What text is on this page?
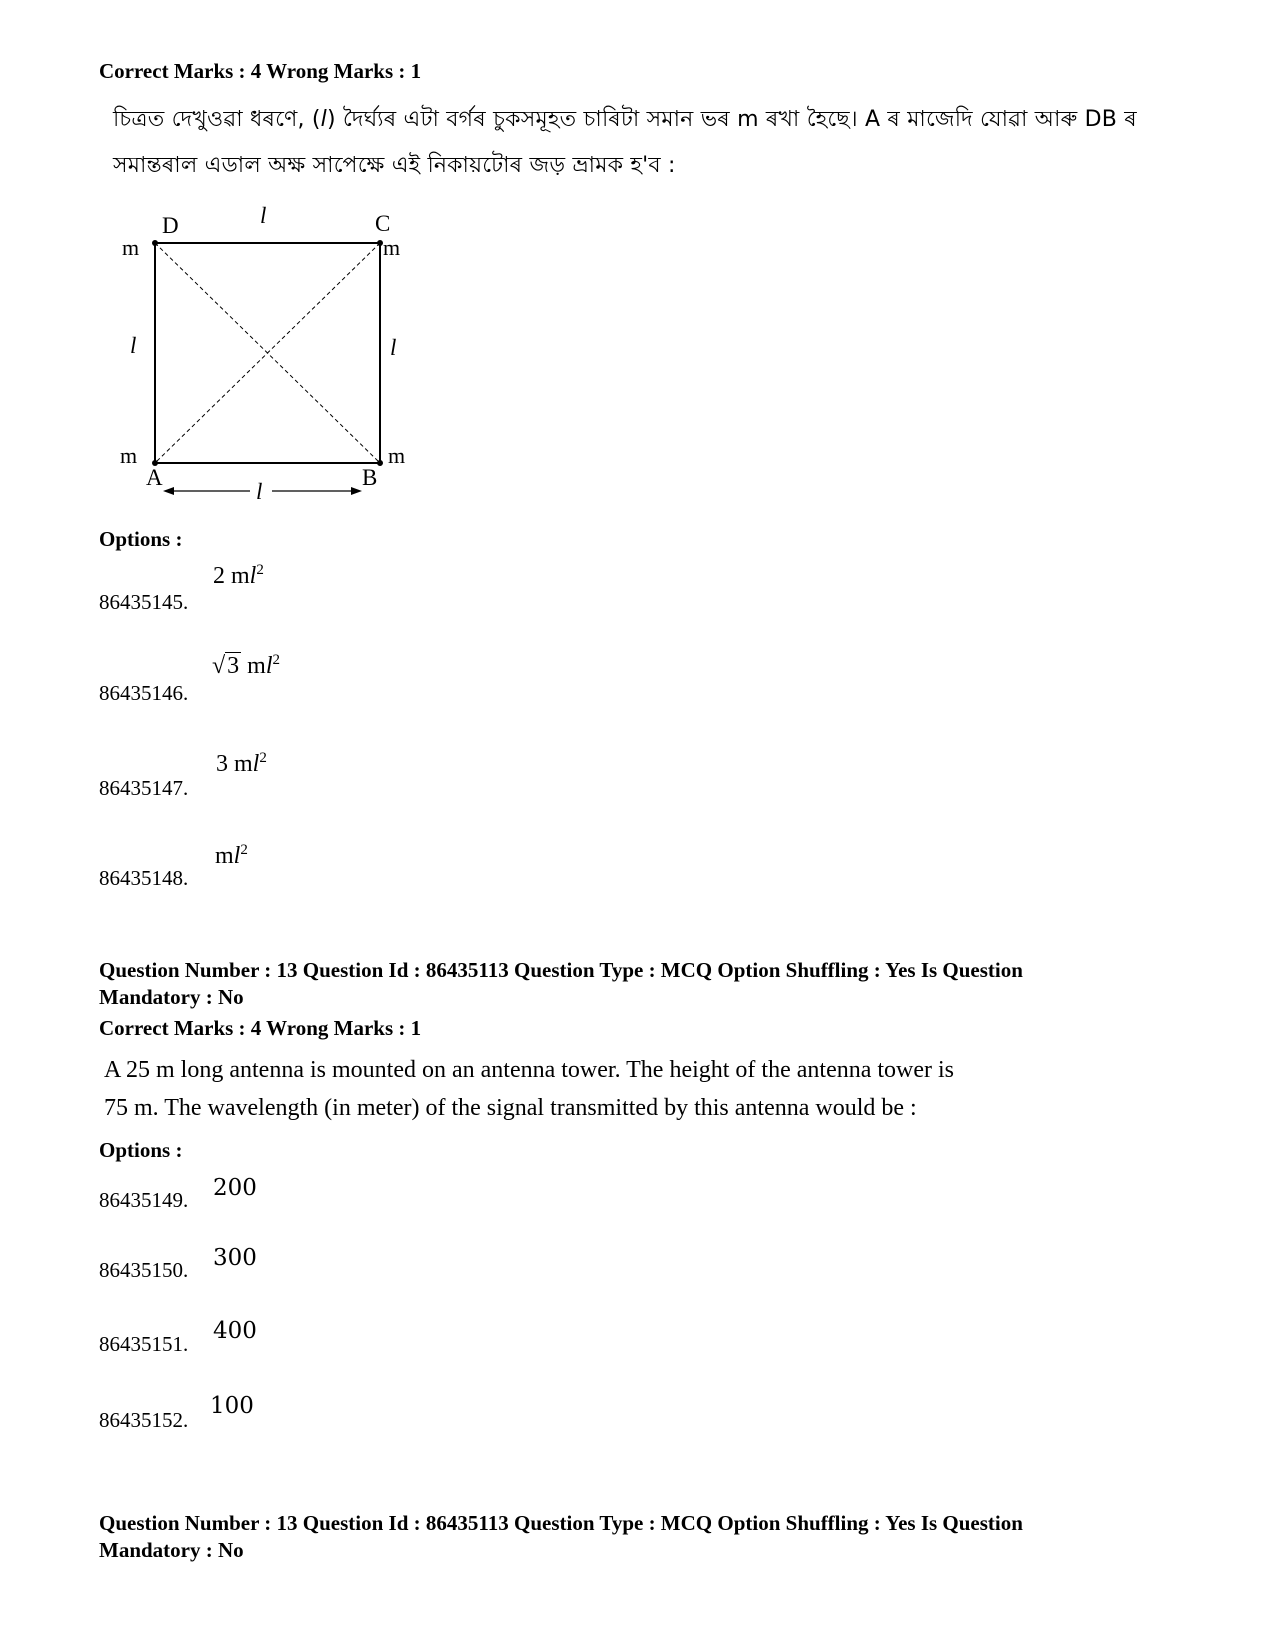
Correct Marks : 4 Wrong Marks : 1
চিত্ৰত দেখুওৱা ধৰণে, (l) দৈৰ্ঘ্যৰ এটা বৰ্গৰ চুকসমূহত চাৰিটা সমান ভৰ m ৰখা হৈছে। A ৰ মাজেদি যোৱা আৰু DB ৰ
সমান্তৰাল এডাল অক্ষ সাপেক্ষে এই নিকায়টোৰ জড় ভ্ৰামক হ'ব :
D	C
A	B
m	m
m	m
l
l	l
l
Options :
86435145.
2 $ml^2$
86435146.
√3 $ml^2$
86435147.
3 $ml^2$
86435148.
$ml^2$
Question Number : 13 Question Id : 86435113 Question Type : MCQ Option Shuffling : Yes Is Question
Mandatory : No
Correct Marks : 4 Wrong Marks : 1
A 25 m long antenna is mounted on an antenna tower. The height of the antenna tower is
75 m. The wavelength (in meter) of the signal transmitted by this antenna would be :
Options :
86435149. 200
86435150. 300
86435151. 400
86435152.
100
Question Number : 13 Question Id : 86435113 Question Type : MCQ Option Shuffling : Yes Is Question
Mandatory : No
